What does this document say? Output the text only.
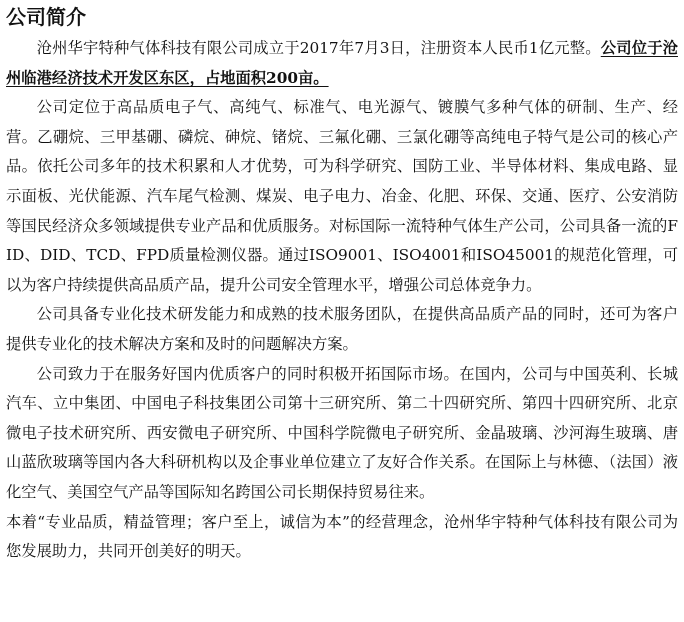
公司简介

沧州华宇特种气体科技有限公司成立于2017年7月3日，注册资本人民币1亿元整。公司位于沧州临港经济技术开发区东区，占地面积200亩。

公司定位于高品质电子气、高纯气、标准气、电光源气、镀膜气多种气体的研制、生产、经营。乙硼烷、三甲基硼、磷烷、砷烷、锗烷、三氟化硼、三氯化硼等高纯电子特气是公司的核心产品。依托公司多年的技术积累和人才优势，可为科学研究、国防工业、半导体材料、集成电路、显示面板、光伏能源、汽车尾气检测、煤炭、电子电力、冶金、化肥、环保、交通、医疗、公安消防等国民经济众多领域提供专业产品和优质服务。对标国际一流特种气体生产公司，公司具备一流的FID、DID、TCD、FPD质量检测仪器。通过ISO9001、ISO4001和ISO45001的规范化管理，可以为客户持续提供高品质产品，提升公司安全管理水平，增强公司总体竞争力。

公司具备专业化技术研发能力和成熟的技术服务团队，在提供高品质产品的同时，还可为客户提供专业化的技术解决方案和及时的问题解决方案。

公司致力于在服务好国内优质客户的同时积极开拓国际市场。在国内，公司与中国英利、长城汽车、立中集团、中国电子科技集团公司第十三研究所、第二十四研究所、第四十四研究所、北京微电子技术研究所、西安微电子研究所、中国科学院微电子研究所、金晶玻璃、沙河海生玻璃、唐山蓝欣玻璃等国内各大科研机构以及企事业单位建立了友好合作关系。在国际上与林德、（法国）液化空气、美国空气产品等国际知名跨国公司长期保持贸易往来。

本着“专业品质，精益管理；客户至上，诚信为本”的经营理念，沧州华宇特种气体科技有限公司为您发展助力，共同开创美好的明天。
